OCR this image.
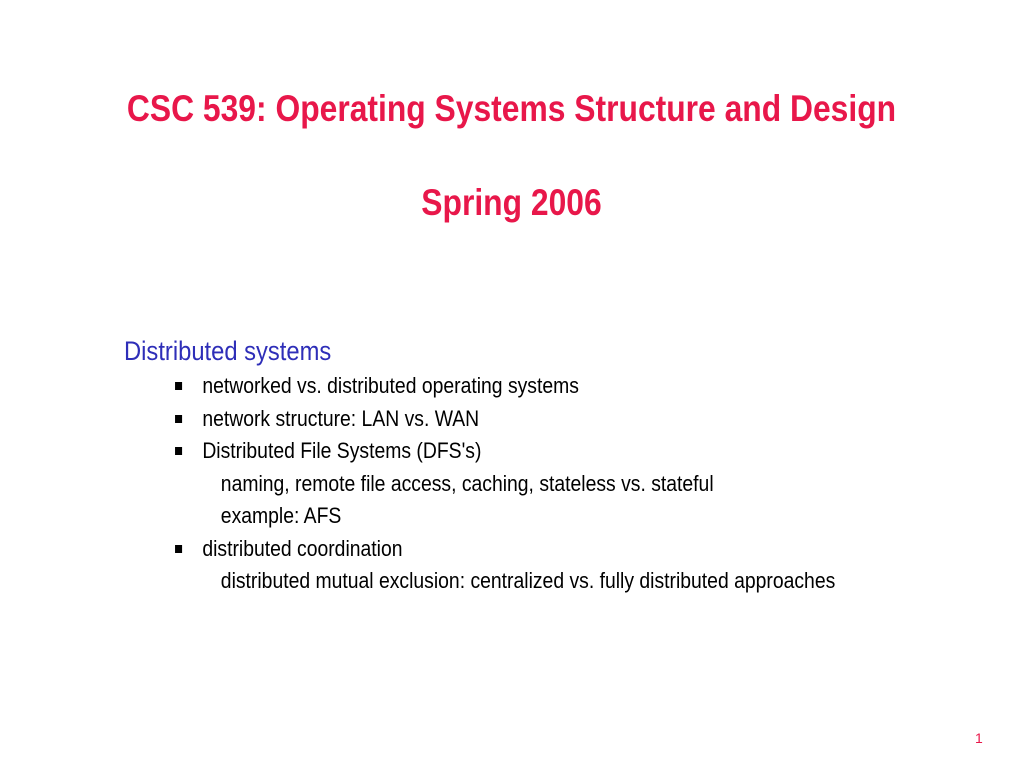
CSC 539: Operating Systems Structure and Design
Spring 2006
Distributed systems
networked vs. distributed operating systems
network structure: LAN vs. WAN
Distributed File Systems (DFS's)
naming, remote file access, caching, stateless vs. stateful
example: AFS
distributed coordination
distributed mutual exclusion: centralized vs. fully distributed approaches
1
